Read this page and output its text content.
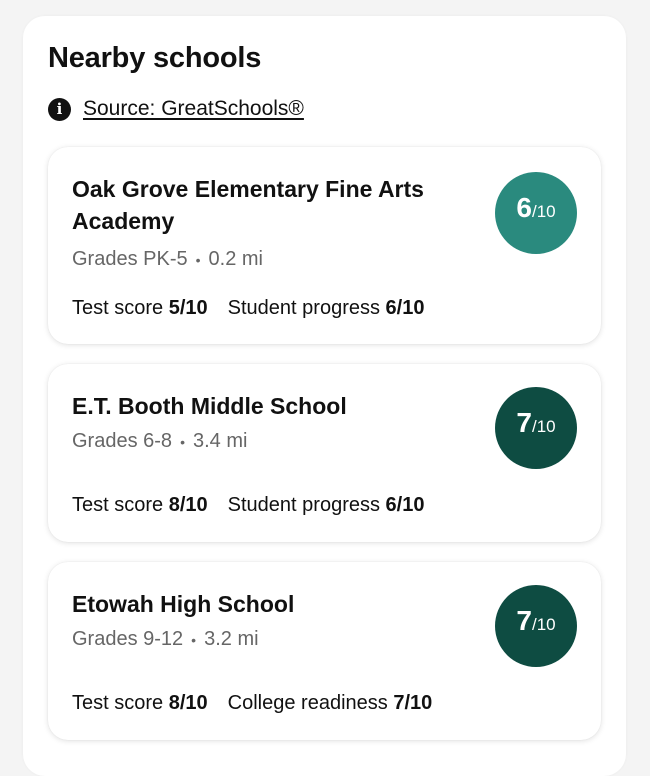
Nearby schools
i Source: GreatSchools®
Oak Grove Elementary Fine Arts Academy
Grades PK-5 • 0.2 mi
Test score 5/10 Student progress 6/10
6 /10
E.T. Booth Middle School
Grades 6-8 • 3.4 mi
Test score 8/10 Student progress 6/10
7 /10
Etowah High School
Grades 9-12 • 3.2 mi
Test score 8/10 College readiness 7/10
7 /10
